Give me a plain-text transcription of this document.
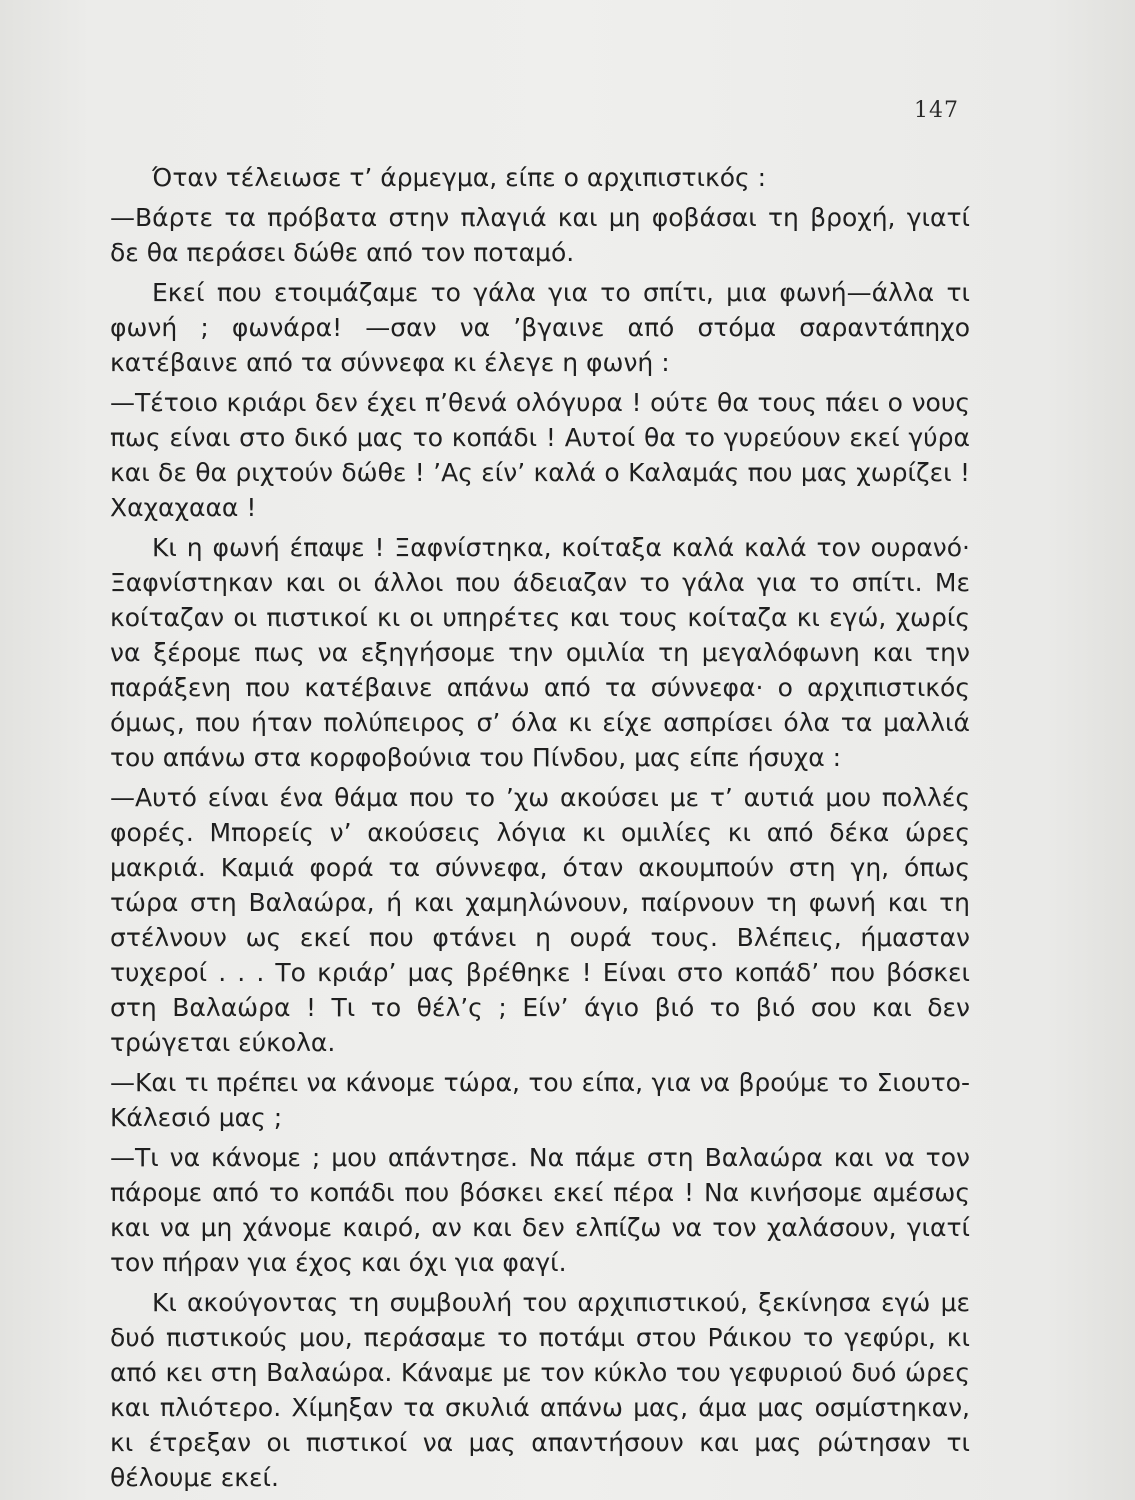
147

Όταν τέλειωσε τ’ άρμεγμα, είπε ο αρχιπιστικός :

—Βάρτε τα πρόβατα στην πλαγιά και μη φοβάσαι τη βροχή, γιατί δε θα περάσει δώθε από τον ποταμό.

Εκεί που ετοιμάζαμε το γάλα για το σπίτι, μια φωνή—άλλα τι φωνή ; φωνάρα! —σαν να ’βγαινε από στόμα σαραντάπηχο κατέβαινε από τα σύννεφα κι έλεγε η φωνή :

—Τέτοιο κριάρι δεν έχει π’θενά ολόγυρα ! ούτε θα τους πάει ο νους πως είναι στο δικό μας το κοπάδι ! Αυτοί θα το γυρεύουν εκεί γύρα και δε θα ριχτούν δώθε ! ’Ας είν’ καλά ο Καλαμάς που μας χωρίζει ! Χαχαχααα !

Κι η φωνή έπαψε ! Ξαφνίστηκα, κοίταξα καλά καλά τον ουρανό· Ξαφνίστηκαν και οι άλλοι που άδειαζαν το γάλα για το σπίτι. Με κοίταζαν οι πιστικοί κι οι υπηρέτες και τους κοίταζα κι εγώ, χωρίς να ξέρομε πως να εξηγήσομε την ομιλία τη μεγαλόφωνη και την παράξενη που κατέβαινε απάνω από τα σύννεφα· ο αρχιπιστικός όμως, που ήταν πολύπειρος σ’ όλα κι είχε ασπρίσει όλα τα μαλλιά του απάνω στα κορφοβούνια του Πίνδου, μας είπε ήσυχα :

—Αυτό είναι ένα θάμα που το ’χω ακούσει με τ’ αυτιά μου πολλές φορές. Μπορείς ν’ ακούσεις λόγια κι ομιλίες κι από δέκα ώρες μακριά. Καμιά φορά τα σύννεφα, όταν ακουμπούν στη γη, όπως τώρα στη Βαλαώρα, ή και χαμηλώνουν, παίρνουν τη φωνή και τη στέλνουν ως εκεί που φτάνει η ουρά τους. Βλέπεις, ήμασταν τυχεροί . . . Το κριάρ’ μας βρέθηκε ! Είναι στο κοπάδ’ που βόσκει στη Βαλαώρα ! Τι το θέλ’ς ; Είν’ άγιο βιό το βιό σου και δεν τρώγεται εύκολα.

—Και τι πρέπει να κάνομε τώρα, του είπα, για να βρούμε το Σιουτο-Κάλεσιό μας ;

—Τι να κάνομε ; μου απάντησε. Να πάμε στη Βαλαώρα και να τον πάρομε από το κοπάδι που βόσκει εκεί πέρα ! Να κινήσομε αμέσως και να μη χάνομε καιρό, αν και δεν ελπίζω να τον χαλάσουν, γιατί τον πήραν για έχος και όχι για φαγί.

Κι ακούγοντας τη συμβουλή του αρχιπιστικού, ξεκίνησα εγώ με δυό πιστικούς μου, περάσαμε το ποτάμι στου Ράικου το γεφύρι, κι από κει στη Βαλαώρα. Κάναμε με τον κύκλο του γεφυριού δυό ώρες και πλιότερο. Χίμηξαν τα σκυλιά απάνω μας, άμα μας οσμίστηκαν, κι έτρεξαν οι πιστικοί να μας απαντήσουν και μας ρώτησαν τι θέλουμε εκεί.
